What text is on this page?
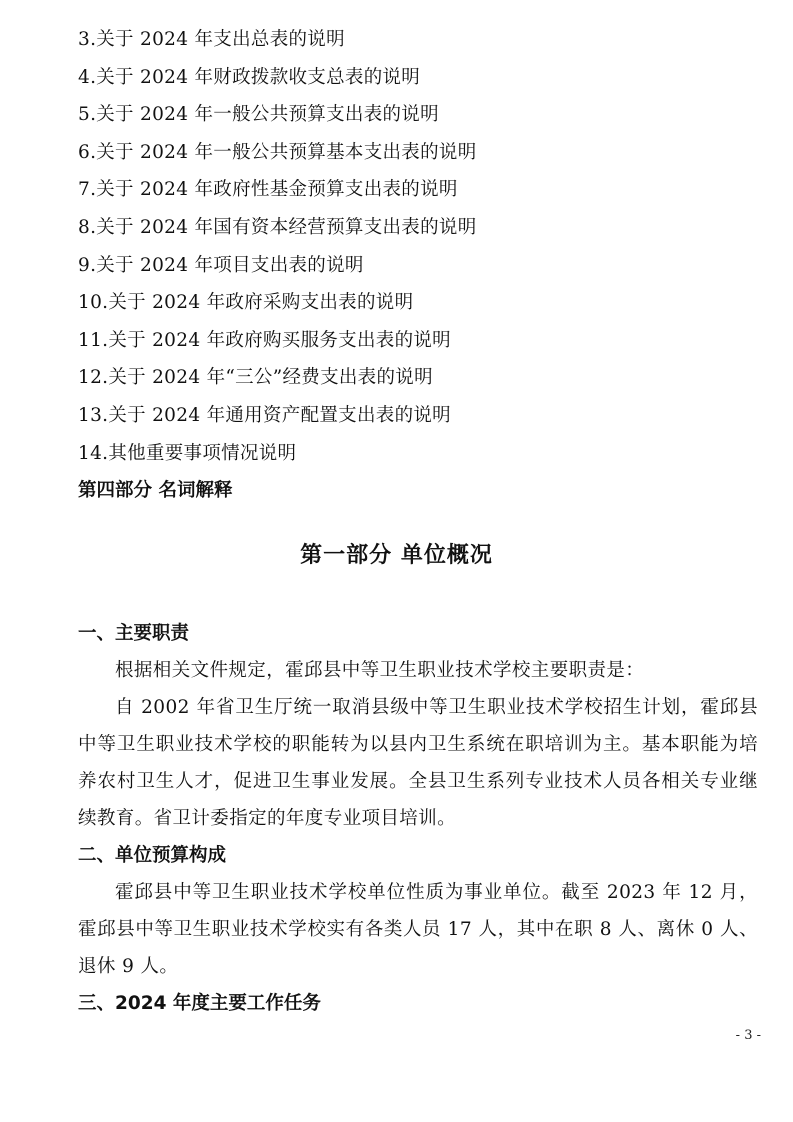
3.关于 2024 年支出总表的说明
4.关于 2024 年财政拨款收支总表的说明
5.关于 2024 年一般公共预算支出表的说明
6.关于 2024 年一般公共预算基本支出表的说明
7.关于 2024 年政府性基金预算支出表的说明
8.关于 2024 年国有资本经营预算支出表的说明
9.关于 2024 年项目支出表的说明
10.关于 2024 年政府采购支出表的说明
11.关于 2024 年政府购买服务支出表的说明
12.关于 2024 年“三公”经费支出表的说明
13.关于 2024 年通用资产配置支出表的说明
14.其他重要事项情况说明
第四部分 名词解释
第一部分 单位概况
一、主要职责
根据相关文件规定，霍邱县中等卫生职业技术学校主要职责是：
自 2002 年省卫生厅统一取消县级中等卫生职业技术学校招生计划，霍邱县中等卫生职业技术学校的职能转为以县内卫生系统在职培训为主。基本职能为培养农村卫生人才，促进卫生事业发展。全县卫生系列专业技术人员各相关专业继续教育。省卫计委指定的年度专业项目培训。
二、单位预算构成
霍邱县中等卫生职业技术学校单位性质为事业单位。截至 2023 年 12 月，霍邱县中等卫生职业技术学校实有各类人员 17 人，其中在职 8 人、离休 0 人、退休 9 人。
三、2024 年度主要工作任务
- 3 -
